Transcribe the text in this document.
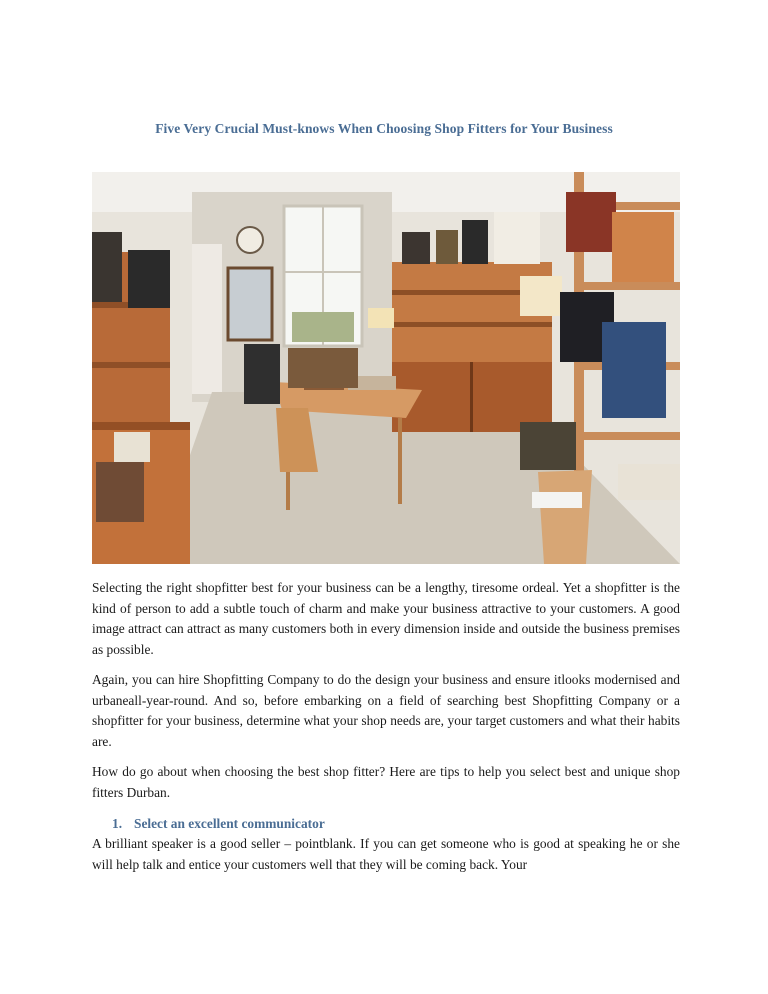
Five Very Crucial Must-knows When Choosing Shop Fitters for Your Business

Selecting the right shopfitter best for your business can be a lengthy, tiresome ordeal. Yet a shopfitter is the kind of person to add a subtle touch of charm and make your business attractive to your customers. A good image attract can attract as many customers both in every dimension inside and outside the business premises as possible.

Again, you can hire Shopfitting Company to do the design your business and ensure itlooks modernised and urbaneall-year-round. And so, before embarking on a field of searching best Shopfitting Company or a shopfitter for your business, determine what your shop needs are, your target customers and what their habits are.

How do go about when choosing the best shop fitter? Here are tips to help you select best and unique shop fitters Durban.

1. Select an excellent communicator

A brilliant speaker is a good seller – pointblank. If you can get someone who is good at speaking he or she will help talk and entice your customers well that they will be coming back. Your
